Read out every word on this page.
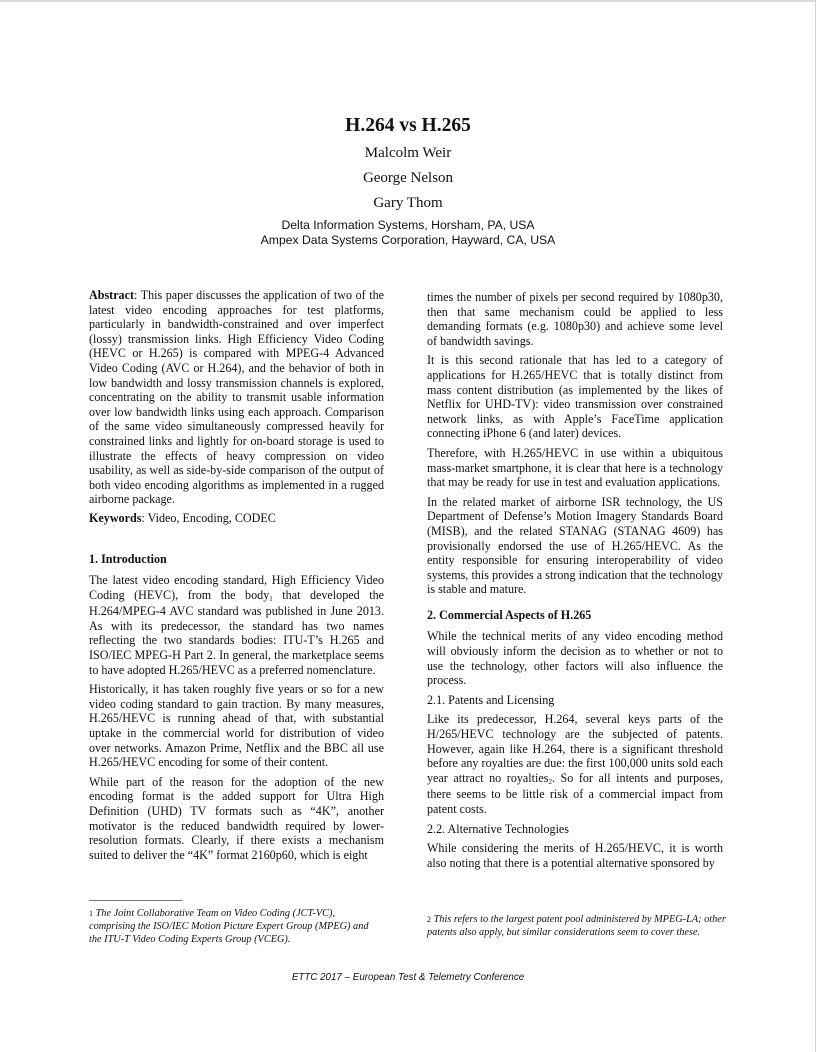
H.264 vs H.265
Malcolm Weir
George Nelson
Gary Thom
Delta Information Systems, Horsham, PA, USA
Ampex Data Systems Corporation, Hayward, CA, USA

Abstract: This paper discusses the application of two of the latest video encoding approaches for test platforms, particularly in bandwidth-constrained and over imperfect (lossy) transmission links. High Efficiency Video Coding (HEVC or H.265) is compared with MPEG-4 Advanced Video Coding (AVC or H.264), and the behavior of both in low bandwidth and lossy transmission channels is explored, concentrating on the ability to transmit usable information over low bandwidth links using each approach. Comparison of the same video simultaneously compressed heavily for constrained links and lightly for on-board storage is used to illustrate the effects of heavy compression on video usability, as well as side-by-side comparison of the output of both video encoding algorithms as implemented in a rugged airborne package.

Keywords: Video, Encoding, CODEC

1. Introduction

The latest video encoding standard, High Efficiency Video Coding (HEVC), from the body$^1$ that developed the H.264/MPEG-4 AVC standard was published in June 2013. As with its predecessor, the standard has two names reflecting the two standards bodies: ITU-T’s H.265 and ISO/IEC MPEG-H Part 2. In general, the marketplace seems to have adopted H.265/HEVC as a preferred nomenclature.

Historically, it has taken roughly five years or so for a new video coding standard to gain traction. By many measures, H.265/HEVC is running ahead of that, with substantial uptake in the commercial world for distribution of video over networks. Amazon Prime, Netflix and the BBC all use H.265/HEVC encoding for some of their content.

While part of the reason for the adoption of the new encoding format is the added support for Ultra High Definition (UHD) TV formats such as “4K”, another motivator is the reduced bandwidth required by lower-resolution formats. Clearly, if there exists a mechanism suited to deliver the “4K” format 2160p60, which is eight

times the number of pixels per second required by 1080p30, then that same mechanism could be applied to less demanding formats (e.g. 1080p30) and achieve some level of bandwidth savings.

It is this second rationale that has led to a category of applications for H.265/HEVC that is totally distinct from mass content distribution (as implemented by the likes of Netflix for UHD-TV): video transmission over constrained network links, as with Apple’s FaceTime application connecting iPhone 6 (and later) devices.

Therefore, with H.265/HEVC in use within a ubiquitous mass-market smartphone, it is clear that here is a technology that may be ready for use in test and evaluation applications.

In the related market of airborne ISR technology, the US Department of Defense’s Motion Imagery Standards Board (MISB), and the related STANAG (STANAG 4609) has provisionally endorsed the use of H.265/HEVC. As the entity responsible for ensuring interoperability of video systems, this provides a strong indication that the technology is stable and mature.

2. Commercial Aspects of H.265

While the technical merits of any video encoding method will obviously inform the decision as to whether or not to use the technology, other factors will also influence the process.

2.1. Patents and Licensing

Like its predecessor, H.264, several keys parts of the H/265/HEVC technology are the subjected of patents. However, again like H.264, there is a significant threshold before any royalties are due: the first 100,000 units sold each year attract no royalties$^2$. So for all intents and purposes, there seems to be little risk of a commercial impact from patent costs.

2.2. Alternative Technologies

While considering the merits of H.265/HEVC, it is worth also noting that there is a potential alternative sponsored by

1 The Joint Collaborative Team on Video Coding (JCT-VC), comprising the ISO/IEC Motion Picture Expert Group (MPEG) and the ITU-T Video Coding Experts Group (VCEG).
2 This refers to the largest patent pool administered by MPEG-LA; other patents also apply, but similar considerations seem to cover these.
ETTC 2017 – European Test & Telemetry Conference
